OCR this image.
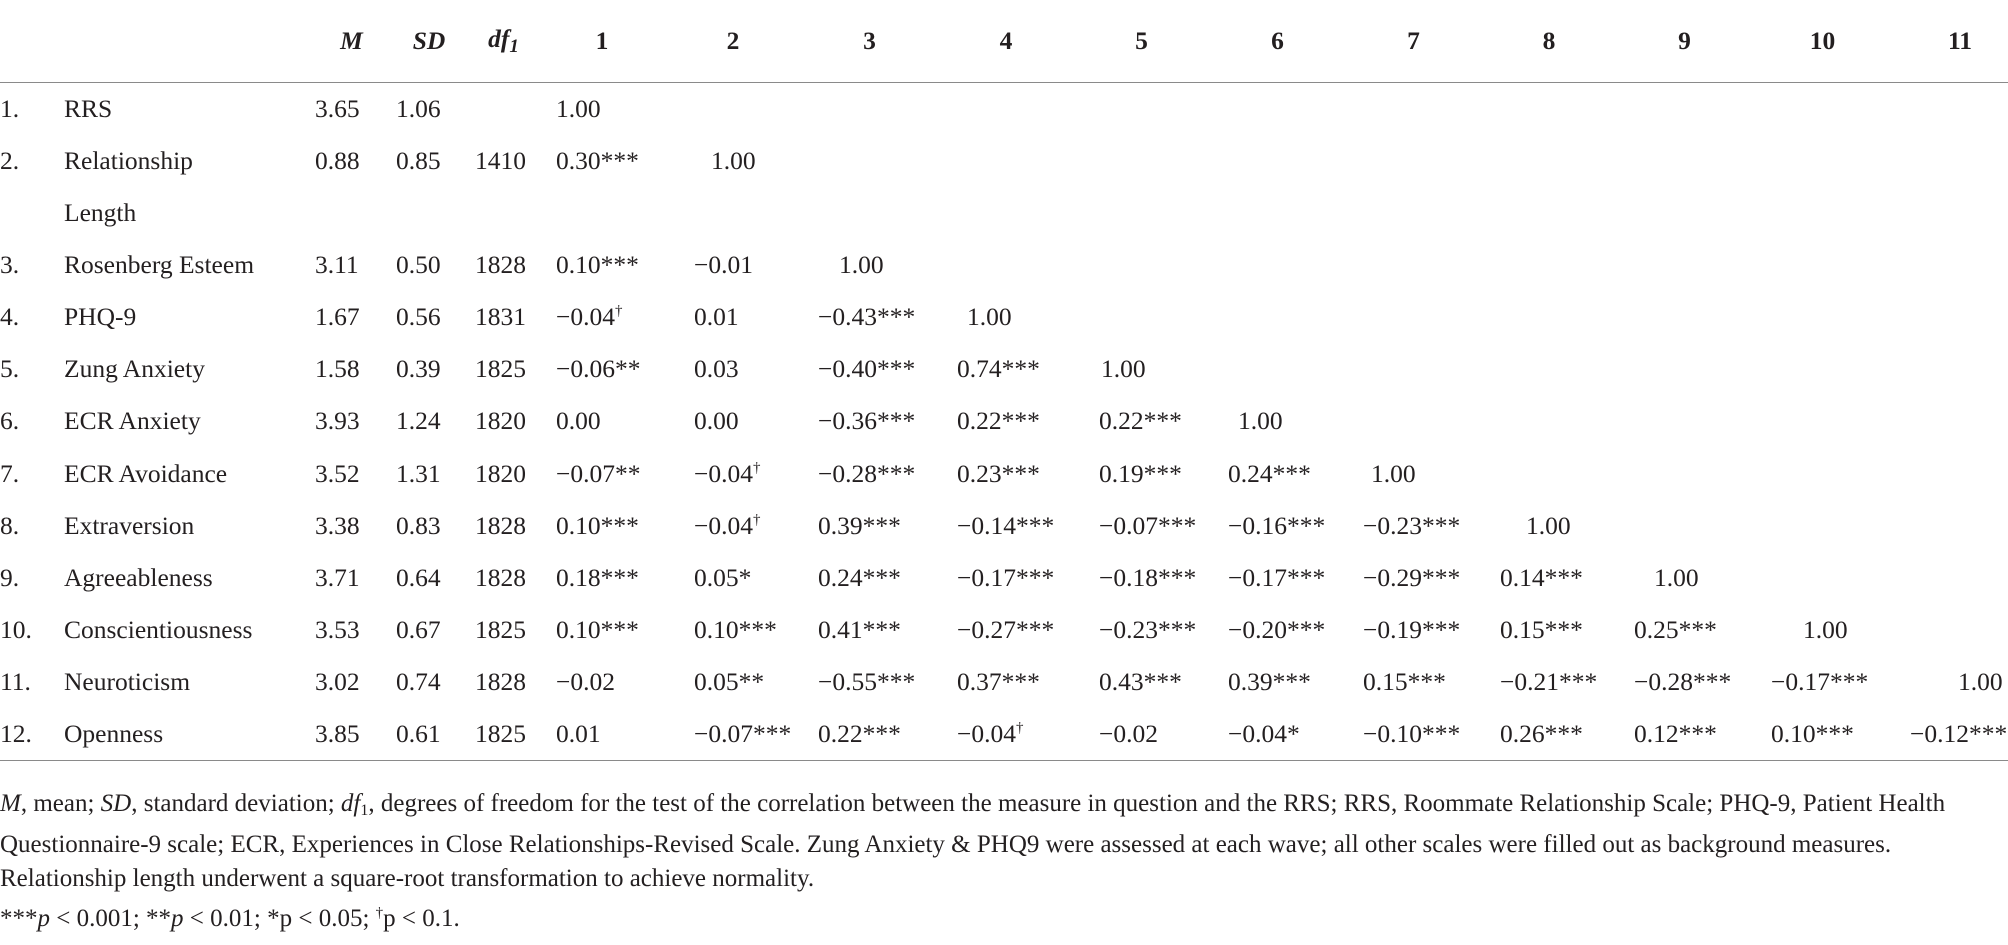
		M	SD	$df_1$	1	2	3	4	5	6	7	8	9	10	11
1.	RRS	3.65	1.06		1.00										
2.	Relationship	0.88	0.85	1410	0.30***	1.00									
	Length														
3.	Rosenberg Esteem	3.11	0.50	1828	0.10***	−0.01	1.00								
4.	PHQ-9	1.67	0.56	1831	−0.04†	0.01	−0.43***	1.00							
5.	Zung Anxiety	1.58	0.39	1825	−0.06**	0.03	−0.40***	0.74***	1.00						
6.	ECR Anxiety	3.93	1.24	1820	0.00	0.00	−0.36***	0.22***	0.22***	1.00					
7.	ECR Avoidance	3.52	1.31	1820	−0.07**	−0.04†	−0.28***	0.23***	0.19***	0.24***	1.00				
8.	Extraversion	3.38	0.83	1828	0.10***	−0.04†	0.39***	−0.14***	−0.07***	−0.16***	−0.23***	1.00			
9.	Agreeableness	3.71	0.64	1828	0.18***	0.05*	0.24***	−0.17***	−0.18***	−0.17***	−0.29***	0.14***	1.00		
10.	Conscientiousness	3.53	0.67	1825	0.10***	0.10***	0.41***	−0.27***	−0.23***	−0.20***	−0.19***	0.15***	0.25***	1.00	
11.	Neuroticism	3.02	0.74	1828	−0.02	0.05**	−0.55***	0.37***	0.43***	0.39***	0.15***	−0.21***	−0.28***	−0.17***	1.00
12.	Openness	3.85	0.61	1825	0.01	−0.07***	0.22***	−0.04†	−0.02	−0.04*	−0.10***	0.26***	0.12***	0.10***	−0.12***

M, mean; SD, standard deviation; $df_1$, degrees of freedom for the test of the correlation between the measure in question and the RRS; RRS, Roommate Relationship Scale; PHQ-9, Patient Health Questionnaire-9 scale; ECR, Experiences in Close Relationships-Revised Scale. Zung Anxiety & PHQ9 were assessed at each wave; all other scales were filled out as background measures. Relationship length underwent a square-root transformation to achieve normality.

***p < 0.001; **p < 0.01; *p < 0.05; †p < 0.1.
